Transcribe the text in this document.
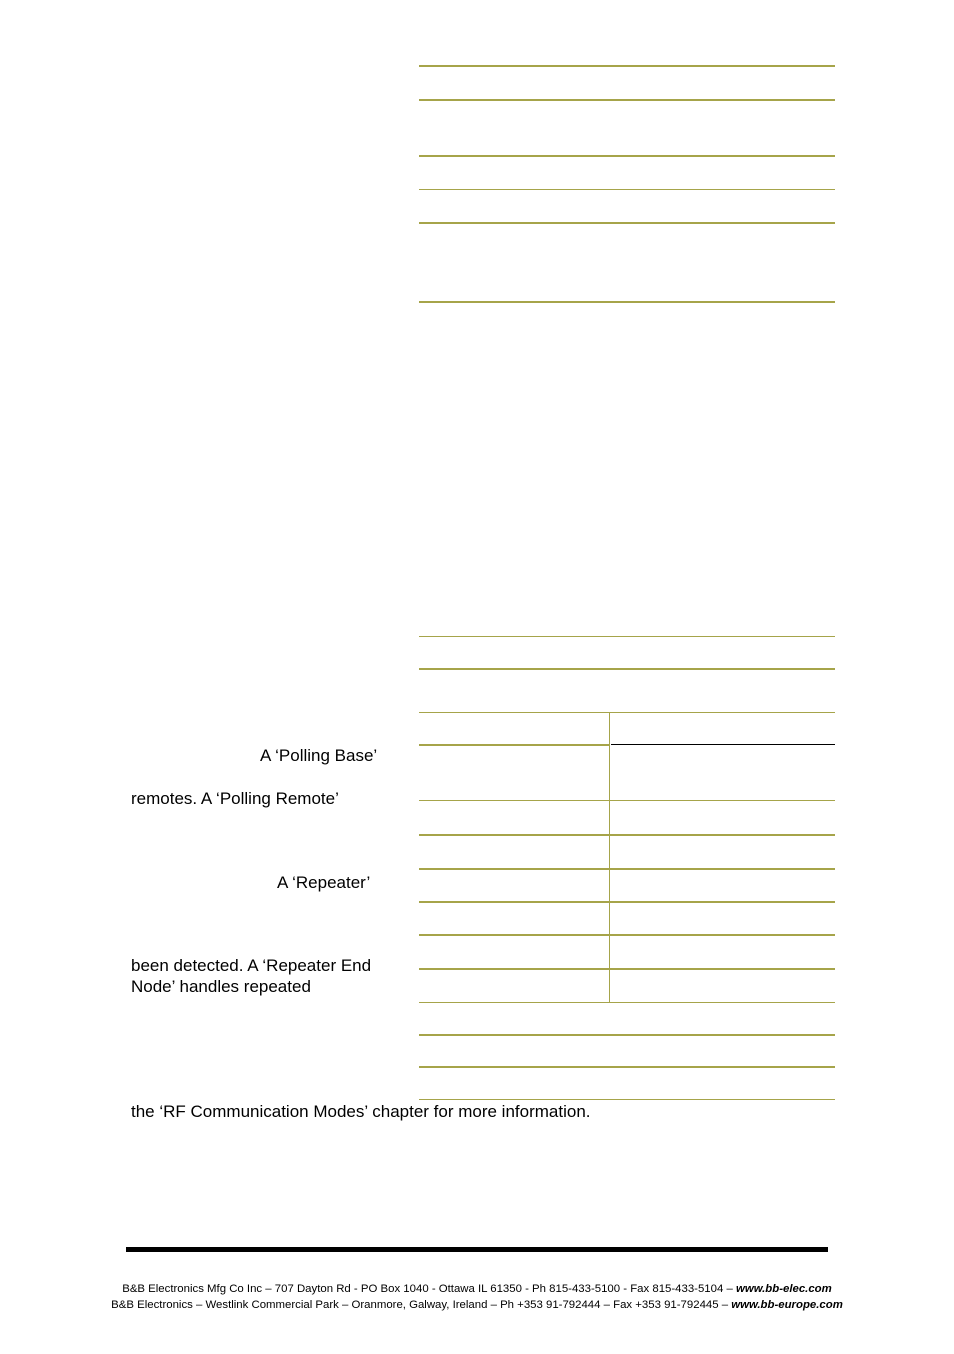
A ‘Polling Base’
remotes. A ‘Polling Remote’
A ‘Repeater’
been detected. A ‘Repeater End
Node’ handles repeated
the ‘RF Communication Modes’ chapter for more information.
B&B Electronics Mfg Co Inc – 707 Dayton Rd - PO Box 1040 - Ottawa IL 61350 - Ph 815-433-5100 - Fax 815-433-5104 – www.bb-elec.com
B&B Electronics – Westlink Commercial Park – Oranmore, Galway, Ireland – Ph +353 91-792444 – Fax +353 91-792445 – www.bb-europe.com
